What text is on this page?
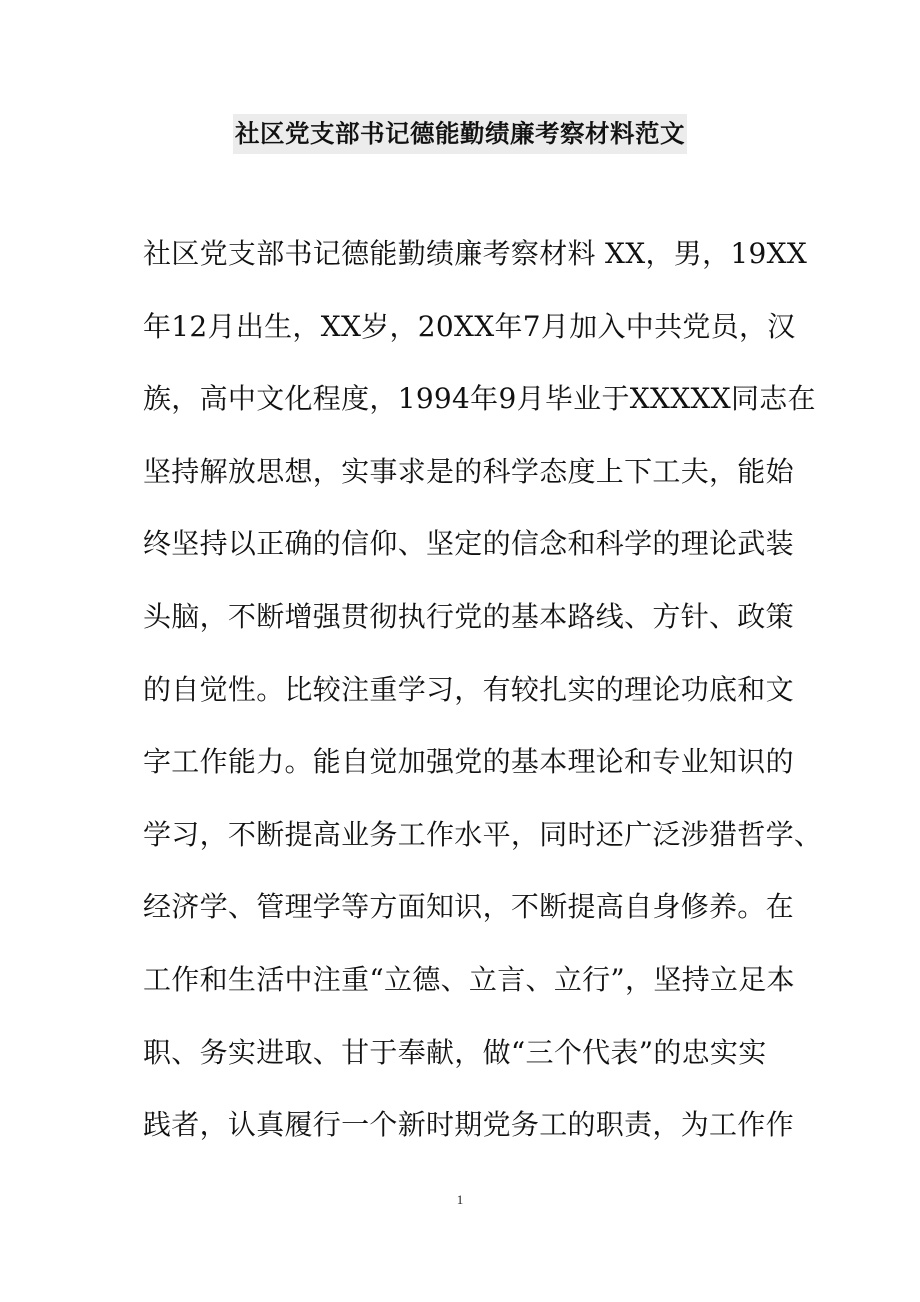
社区党支部书记德能勤绩廉考察材料范文
社区党支部书记德能勤绩廉考察材料 XX，男，19XX
年12月出生，XX岁，20XX年7月加入中共党员，汉
族，高中文化程度，1994年9月毕业于XXXXX同志在
坚持解放思想，实事求是的科学态度上下工夫，能始
终坚持以正确的信仰、坚定的信念和科学的理论武装
头脑，不断增强贯彻执行党的基本路线、方针、政策
的自觉性。比较注重学习，有较扎实的理论功底和文
字工作能力。能自觉加强党的基本理论和专业知识的
学习，不断提高业务工作水平，同时还广泛涉猎哲学、
经济学、管理学等方面知识，不断提高自身修养。在
工作和生活中注重“立德、立言、立行”，坚持立足本
职、务实进取、甘于奉献，做“三个代表”的忠实实
践者，认真履行一个新时期党务工的职责，为工作作
1
